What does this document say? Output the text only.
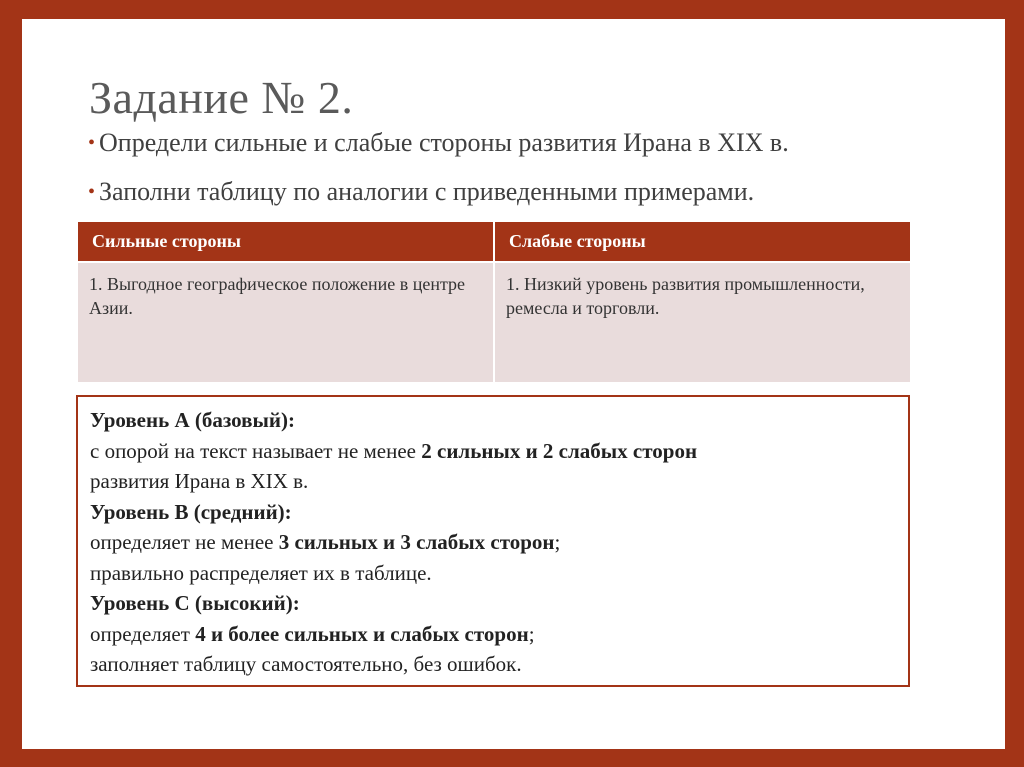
Задание № 2.
• Определи сильные и слабые стороны развития Ирана в XIX в.
• Заполни таблицу по аналогии с приведенными примерами.
Сильные стороны	Слабые стороны
1. Выгодное географическое положение в центре Азии.	1. Низкий уровень развития промышленности, ремесла и торговли.

Уровень А (базовый):

с опорой на текст называет не менее 2 сильных и 2 слабых сторон

развития Ирана в XIX в.

Уровень В (средний):

определяет не менее 3 сильных и 3 слабых сторон;

правильно распределяет их в таблице.

Уровень С (высокий):

определяет 4 и более сильных и слабых сторон;

заполняет таблицу самостоятельно, без ошибок.
